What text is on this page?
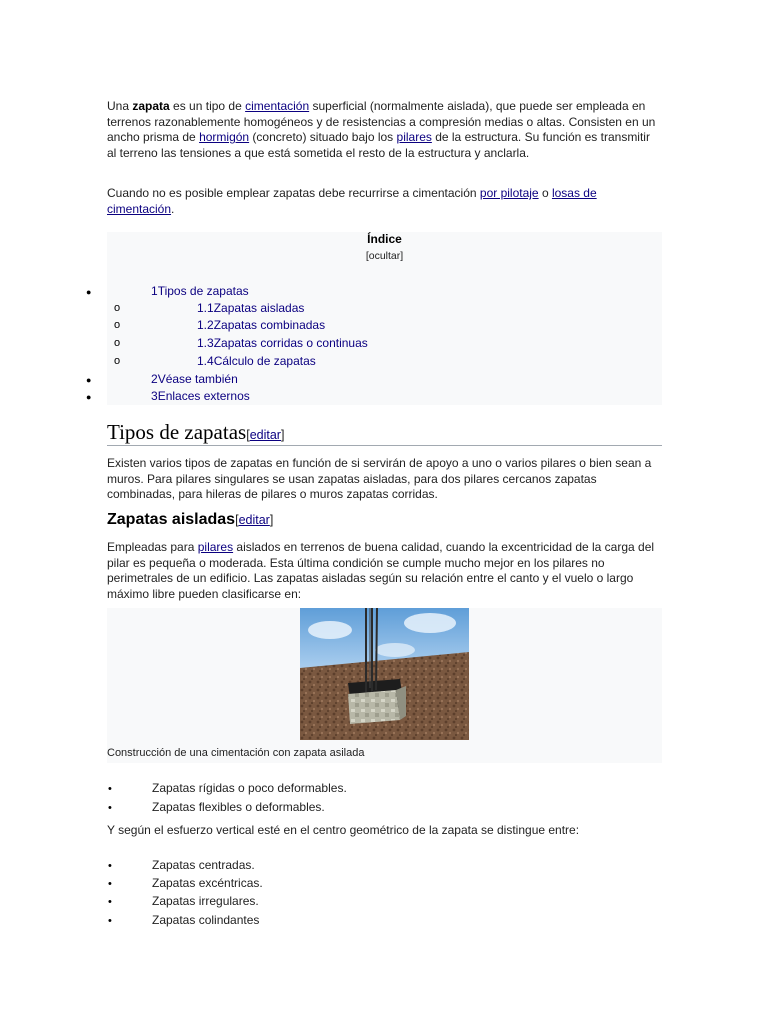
Una zapata es un tipo de cimentación superficial (normalmente aislada), que puede ser empleada en terrenos razonablemente homogéneos y de resistencias a compresión medias o altas. Consisten en un ancho prisma de hormigón (concreto) situado bajo los pilares de la estructura. Su función es transmitir al terreno las tensiones a que está sometida el resto de la estructura y anclarla.
Cuando no es posible emplear zapatas debe recurrirse a cimentación por pilotaje o losas de cimentación.
Índice
[ocultar]
●	1Tipos de zapatas
o	1.1Zapatas aisladas
o	1.2Zapatas combinadas
o	1.3Zapatas corridas o continuas
o	1.4Cálculo de zapatas
●	2Véase también
●	3Enlaces externos
Tipos de zapatas[editar]
Existen varios tipos de zapatas en función de si servirán de apoyo a uno o varios pilares o bien sean a muros. Para pilares singulares se usan zapatas aisladas, para dos pilares cercanos zapatas combinadas, para hileras de pilares o muros zapatas corridas.
Zapatas aisladas[editar]
Empleadas para pilares aislados en terrenos de buena calidad, cuando la excentricidad de la carga del pilar es pequeña o moderada. Esta última condición se cumple mucho mejor en los pilares no perimetrales de un edificio. Las zapatas aisladas según su relación entre el canto y el vuelo o largo máximo libre pueden clasificarse en:
Construcción de una cimentación con zapata asilada
•	Zapatas rígidas o poco deformables.
•	Zapatas flexibles o deformables.
Y según el esfuerzo vertical esté en el centro geométrico de la zapata se distingue entre:
•	Zapatas centradas.
•	Zapatas excéntricas.
•	Zapatas irregulares.
•	Zapatas colindantes
